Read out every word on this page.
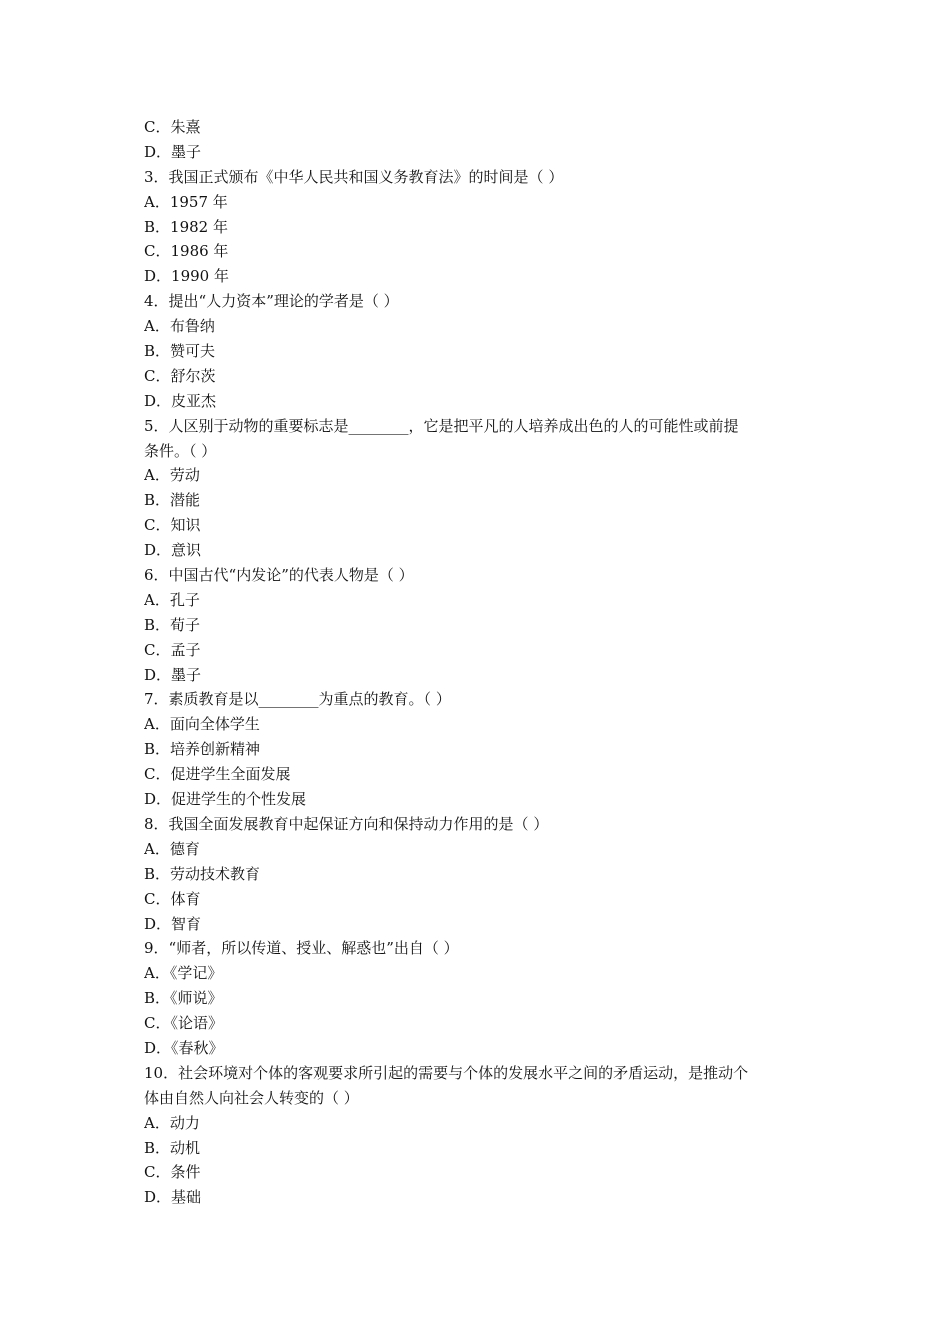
C．朱熹
D．墨子
3．我国正式颁布《中华人民共和国义务教育法》的时间是（ ）
A．1957 年
B．1982 年
C．1986 年
D．1990 年
4．提出“人力资本”理论的学者是（ ）
A．布鲁纳
B．赞可夫
C．舒尔茨
D．皮亚杰
5．人区别于动物的重要标志是________，它是把平凡的人培养成出色的人的可能性或前提
条件。（ ）
A．劳动
B．潜能
C．知识
D．意识
6．中国古代“内发论”的代表人物是（ ）
A．孔子
B．荀子
C．孟子
D．墨子
7．素质教育是以________为重点的教育。（ ）
A．面向全体学生
B．培养创新精神
C．促进学生全面发展
D．促进学生的个性发展
8．我国全面发展教育中起保证方向和保持动力作用的是（ ）
A．德育
B．劳动技术教育
C．体育
D．智育
9．“师者，所以传道、授业、解惑也”出自（ ）
A．《学记》
B．《师说》
C．《论语》
D．《春秋》
10．社会环境对个体的客观要求所引起的需要与个体的发展水平之间的矛盾运动，是推动个
体由自然人向社会人转变的（ ）
A．动力
B．动机
C．条件
D．基础
